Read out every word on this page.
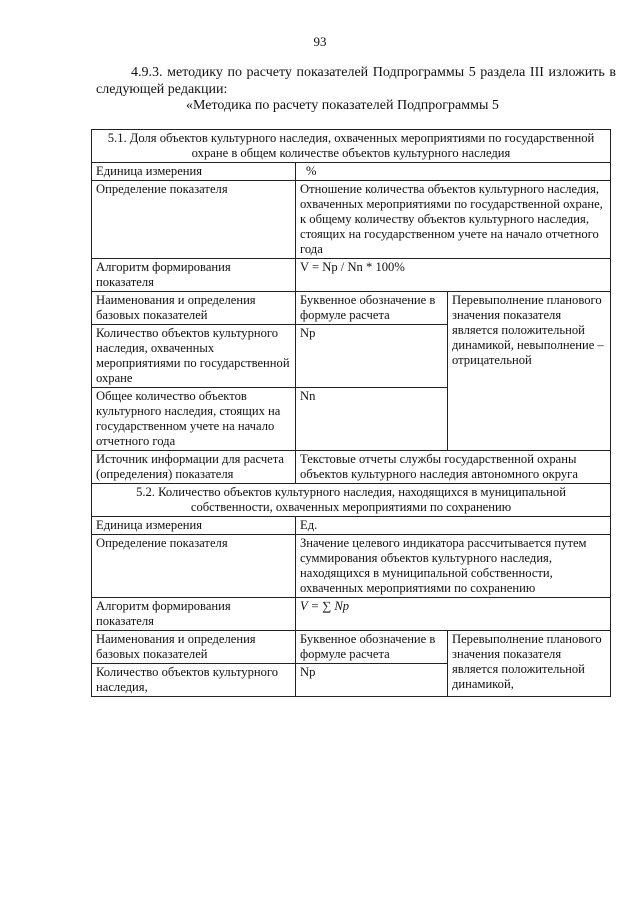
93
4.9.3. методику по расчету показателей Подпрограммы 5 раздела III изложить в следующей редакции:
«Методика по расчету показателей Подпрограммы 5
5.1. Доля объектов культурного наследия, охваченных мероприятиями по государственной охране в общем количестве объектов культурного наследия		
Единица измерения	%	
Определение показателя	Отношение количества объектов культурного наследия, охваченных мероприятиями по государственной охране, к общему количеству объектов культурного наследия, стоящих на государственном учете на начало отчетного года	
Алгоритм формирования показателя	V = Np / Nn * 100%	
Наименования и определения базовых показателей	Буквенное обозначение в формуле расчета	Перевыполнение планового значения показателя является положительной динамикой, невыполнение – отрицательной
Количество объектов культурного наследия, охваченных мероприятиями по государственной охране	Np	
Общее количество объектов культурного наследия, стоящих на государственном учете на начало отчетного года	Nn	
Источник информации для расчета (определения) показателя	Текстовые отчеты службы государственной охраны объектов культурного наследия автономного округа	
5.2. Количество объектов культурного наследия, находящихся в муниципальной собственности, охваченных мероприятиями по сохранению		
Единица измерения	Ед.	
Определение показателя	Значение целевого индикатора рассчитывается путем суммирования объектов культурного наследия, находящихся в муниципальной собственности, охваченных мероприятиями по сохранению	
Алгоритм формирования показателя	V = ∑ Np	
Наименования и определения базовых показателей	Буквенное обозначение в формуле расчета	Перевыполнение планового значения показателя является положительной динамикой,
Количество объектов культурного наследия,	Np	
